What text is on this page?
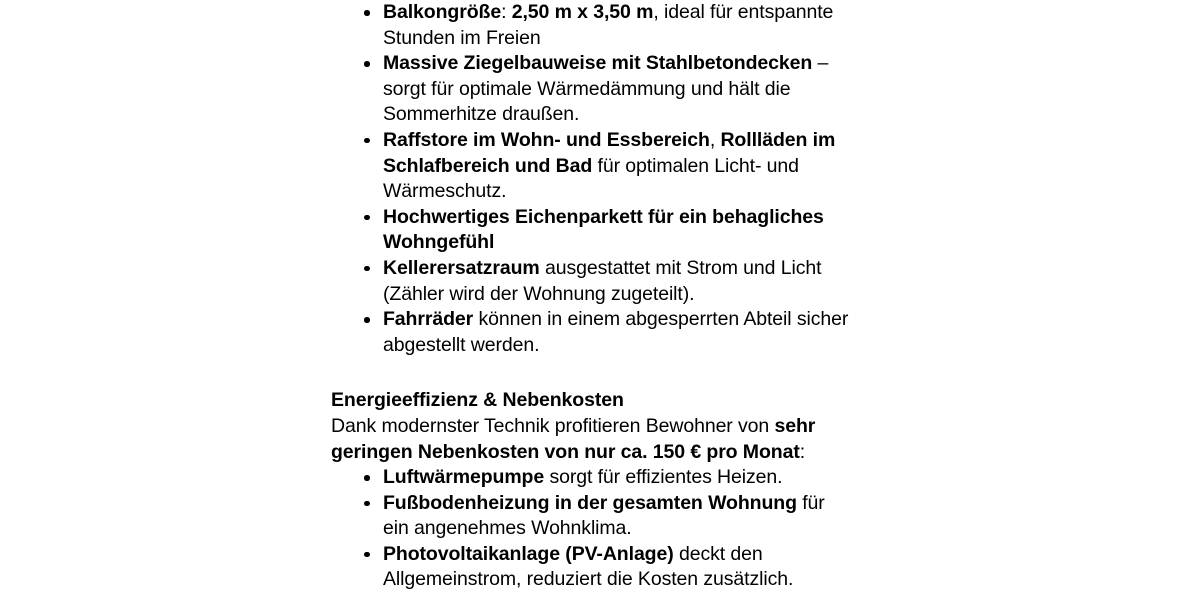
Balkongröße: 2,50 m x 3,50 m, ideal für entspannte Stunden im Freien
Massive Ziegelbauweise mit Stahlbetondecken – sorgt für optimale Wärmedämmung und hält die Sommerhitze draußen.
Raffstore im Wohn- und Essbereich, Rollläden im Schlafbereich und Bad für optimalen Licht- und Wärmeschutz.
Hochwertiges Eichenparkett für ein behagliches Wohngefühl
Kellerersatzraum ausgestattet mit Strom und Licht (Zähler wird der Wohnung zugeteilt).
Fahrräder können in einem abgesperrten Abteil sicher abgestellt werden.

Energieeffizienz & Nebenkosten

Dank modernster Technik profitieren Bewohner von sehr geringen Nebenkosten von nur ca. 150 € pro Monat:

Luftwärmepumpe sorgt für effizientes Heizen.
Fußbodenheizung in der gesamten Wohnung für ein angenehmes Wohnklima.
Photovoltaikanlage (PV-Anlage) deckt den Allgemeinstrom, reduziert die Kosten zusätzlich.
